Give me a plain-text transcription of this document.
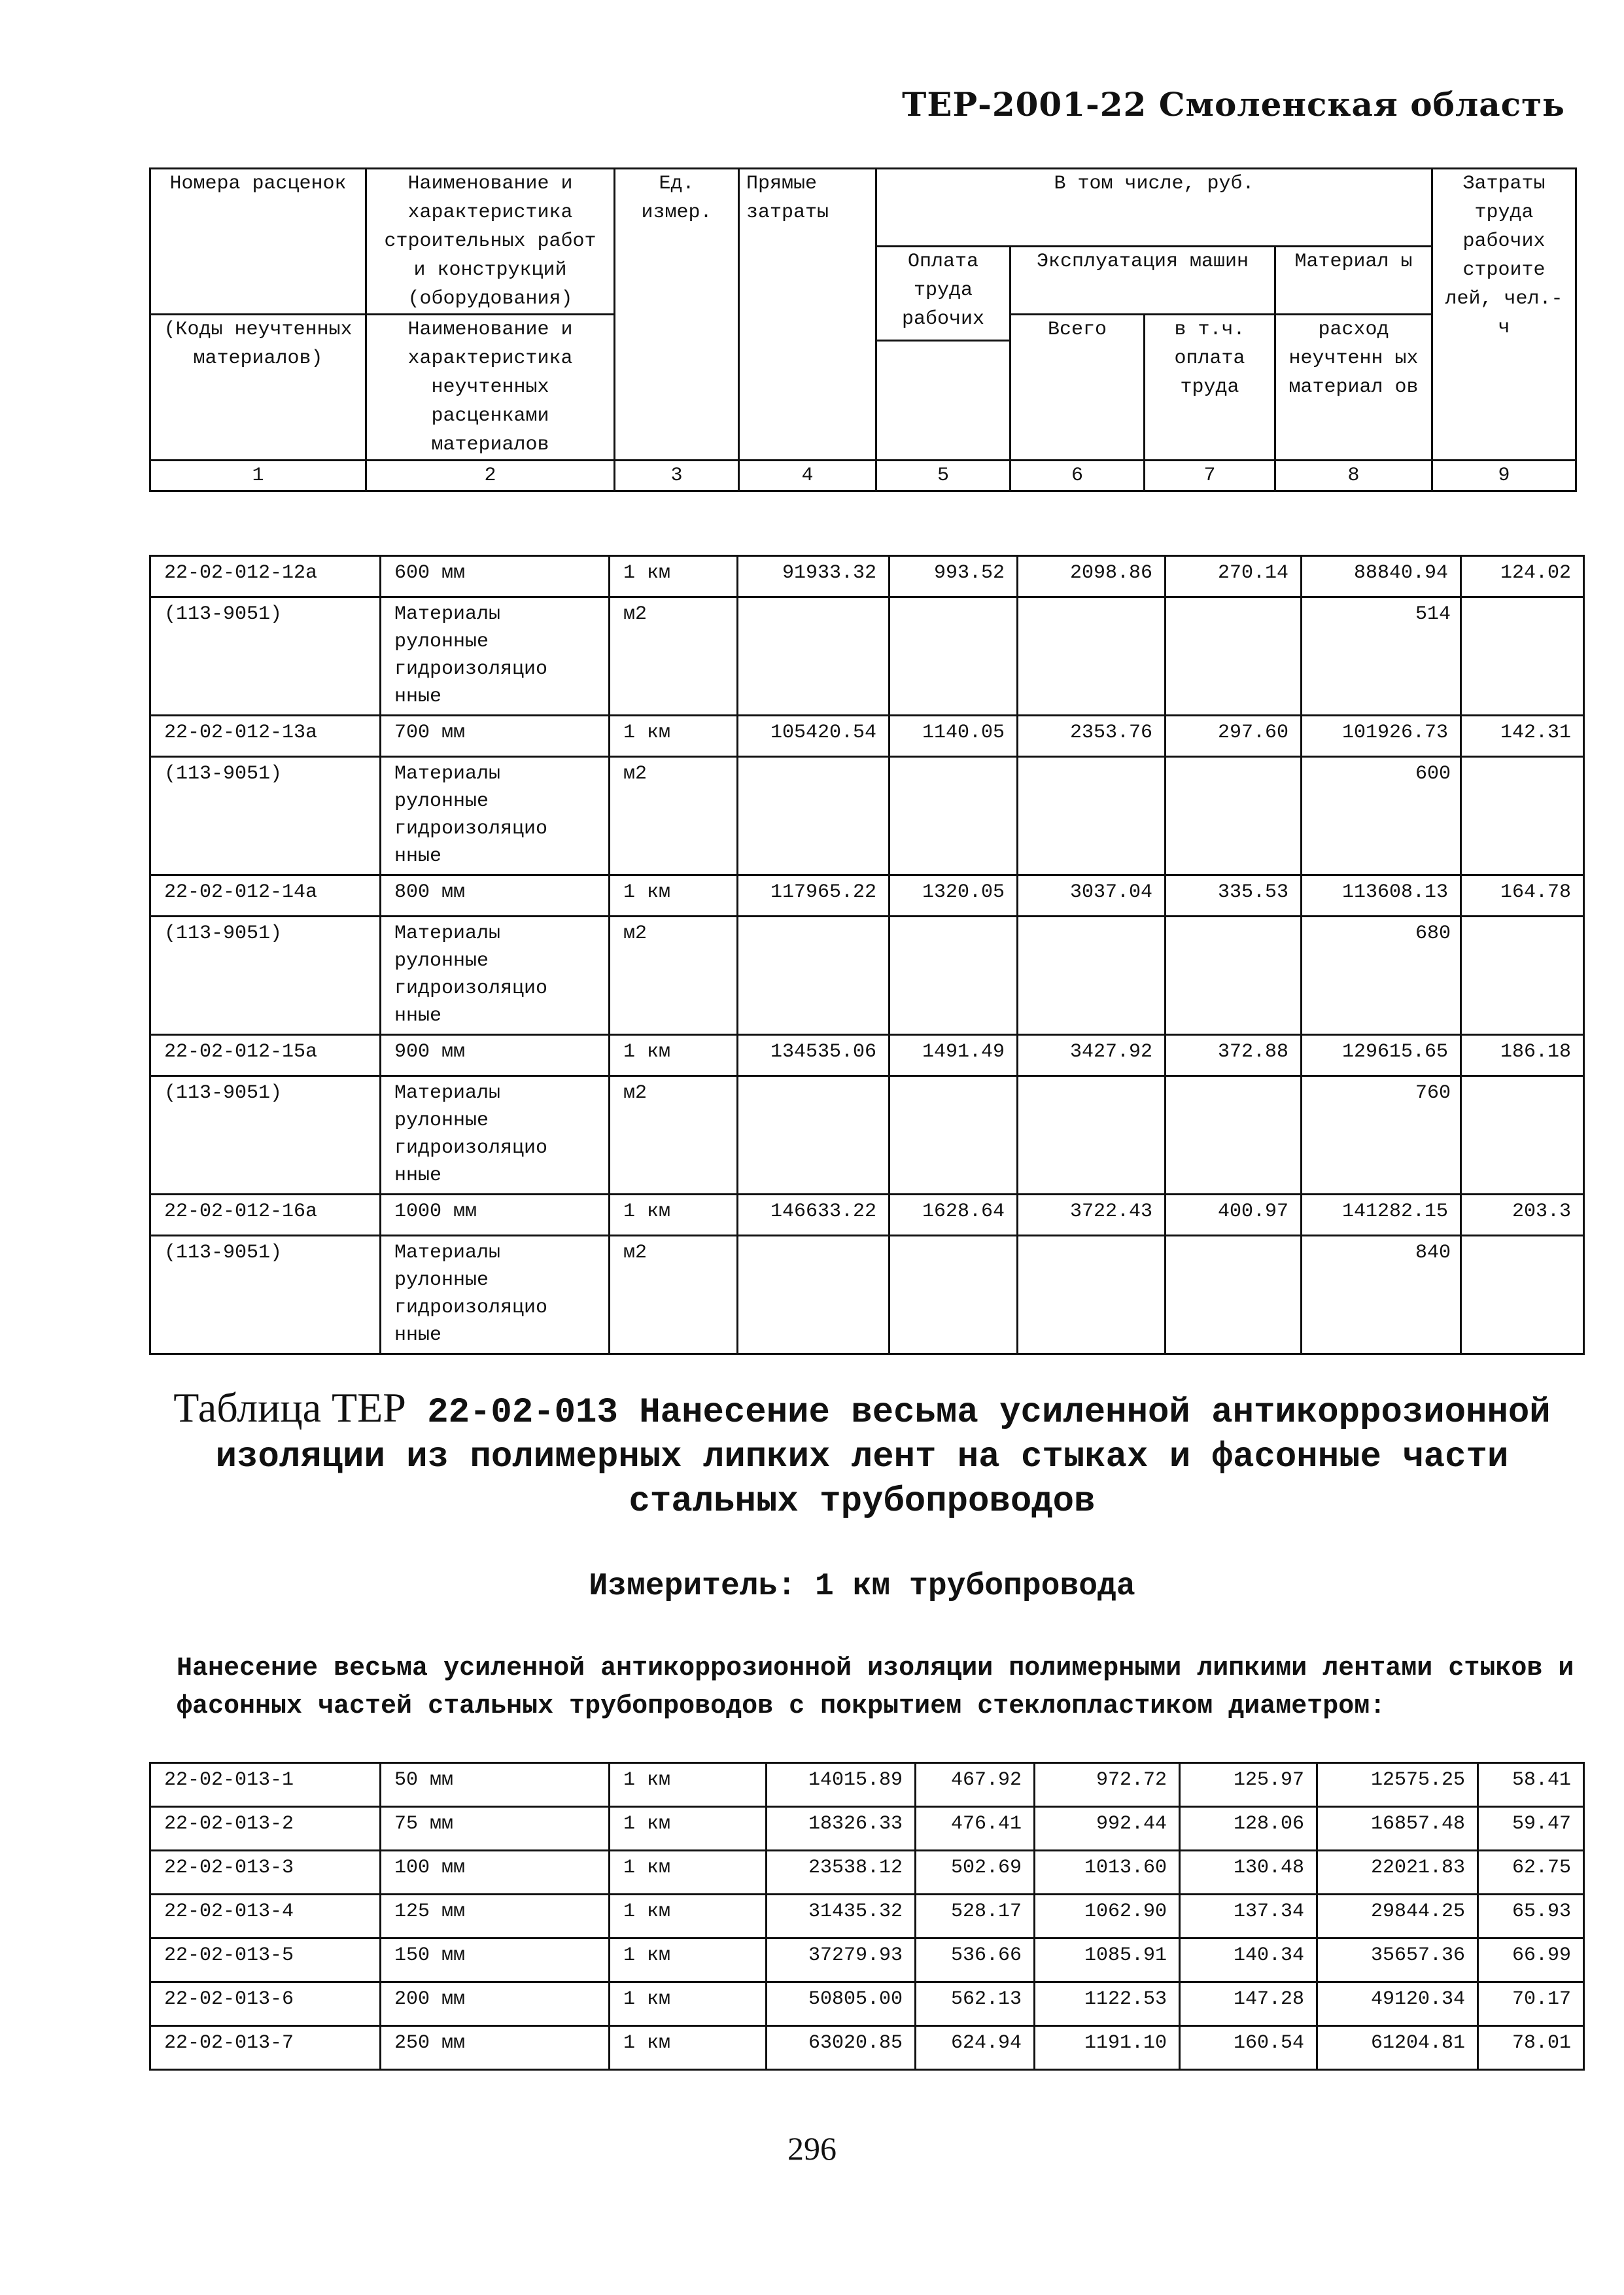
ТЕР-2001-22 Смоленская область
Номера расценок	Наименование и характеристика строительных работ и конструкций (оборудования)	Ед. измер.	Прямые затраты	В том числе, руб.				Затраты труда рабочих строите лей, чел.-ч
				Оплата труда рабочих	Эксплуатация машин		Материал ы	
(Коды неучтенных материалов)	Наименование и характеристика неучтенных расценками материалов				Всего	в т.ч. оплата труда	расход неучтенн ых материал ов	

1	2	3	4	5	6	7	8	9
22-02-012-12a	600 мм	1 км	91933.32	993.52	2098.86	270.14	88840.94	124.02
(113-9051)	Материалы рулонные гидроизоляцио нные	м2					514	
22-02-012-13a	700 мм	1 км	105420.54	1140.05	2353.76	297.60	101926.73	142.31
(113-9051)	Материалы рулонные гидроизоляцио нные	м2					600	
22-02-012-14a	800 мм	1 км	117965.22	1320.05	3037.04	335.53	113608.13	164.78
(113-9051)	Материалы рулонные гидроизоляцио нные	м2					680	
22-02-012-15a	900 мм	1 км	134535.06	1491.49	3427.92	372.88	129615.65	186.18
(113-9051)	Материалы рулонные гидроизоляцио нные	м2					760	
22-02-012-16a	1000 мм	1 км	146633.22	1628.64	3722.43	400.97	141282.15	203.3
(113-9051)	Материалы рулонные гидроизоляцио нные	м2					840	
Таблица ТЕР 22-02-013 Нанесение весьма усиленной антикоррозионной изоляции из полимерных липких лент на стыках и фасонные части стальных трубопроводов
Измеритель: 1 км трубопровода
Нанесение весьма усиленной антикоррозионной изоляции полимерными липкими лентами стыков и фасонных частей стальных трубопроводов с покрытием стеклопластиком диаметром:
22-02-013-1	50 мм	1 км	14015.89	467.92	972.72	125.97	12575.25	58.41
22-02-013-2	75 мм	1 км	18326.33	476.41	992.44	128.06	16857.48	59.47
22-02-013-3	100 мм	1 км	23538.12	502.69	1013.60	130.48	22021.83	62.75
22-02-013-4	125 мм	1 км	31435.32	528.17	1062.90	137.34	29844.25	65.93
22-02-013-5	150 мм	1 км	37279.93	536.66	1085.91	140.34	35657.36	66.99
22-02-013-6	200 мм	1 км	50805.00	562.13	1122.53	147.28	49120.34	70.17
22-02-013-7	250 мм	1 км	63020.85	624.94	1191.10	160.54	61204.81	78.01
296
